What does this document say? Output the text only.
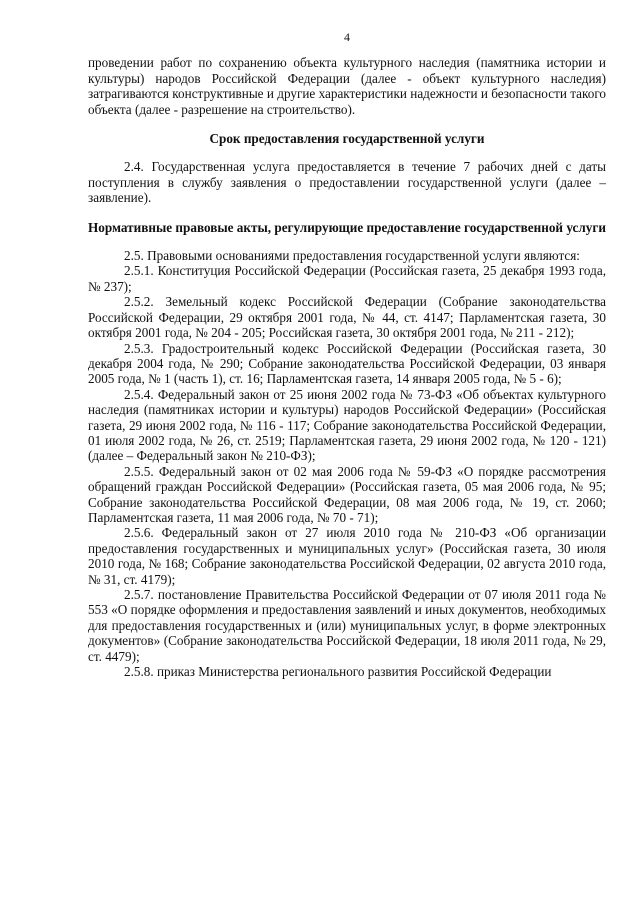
4

проведении работ по сохранению объекта культурного наследия (памятника истории и культуры) народов Российской Федерации (далее - объект культурного наследия) затрагиваются конструктивные и другие характеристики надежности и безопасности такого объекта (далее - разрешение на строительство).

Срок предоставления государственной услуги

2.4. Государственная услуга предоставляется в течение 7 рабочих дней с даты поступления в службу заявления о предоставлении государственной услуги (далее – заявление).

Нормативные правовые акты, регулирующие предоставление государственной услуги

2.5. Правовыми основаниями предоставления государственной услуги являются:

2.5.1. Конституция Российской Федерации (Российская газета, 25 декабря 1993 года, № 237);

2.5.2. Земельный кодекс Российской Федерации (Собрание законодательства Российской Федерации, 29 октября 2001 года, № 44, ст. 4147; Парламентская газета, 30 октября 2001 года, № 204 - 205; Российская газета, 30 октября 2001 года, № 211 - 212);

2.5.3. Градостроительный кодекс Российской Федерации (Российская газета, 30 декабря 2004 года, № 290; Собрание законодательства Российской Федерации, 03 января 2005 года, № 1 (часть 1), ст. 16; Парламентская газета, 14 января 2005 года, № 5 - 6);

2.5.4. Федеральный закон от 25 июня 2002 года № 73-ФЗ «Об объектах культурного наследия (памятниках истории и культуры) народов Российской Федерации» (Российская газета, 29 июня 2002 года, № 116 - 117; Собрание законодательства Российской Федерации, 01 июля 2002 года, № 26, ст. 2519; Парламентская газета, 29 июня 2002 года, № 120 - 121) (далее – Федеральный закон № 210-ФЗ);

2.5.5. Федеральный закон от 02 мая 2006 года № 59-ФЗ «О порядке рассмотрения обращений граждан Российской Федерации» (Российская газета, 05 мая 2006 года, № 95; Собрание законодательства Российской Федерации, 08 мая 2006 года, № 19, ст. 2060; Парламентская газета, 11 мая 2006 года, № 70 - 71);

2.5.6. Федеральный закон от 27 июля 2010 года № 210-ФЗ «Об организации предоставления государственных и муниципальных услуг» (Российская газета, 30 июля 2010 года, № 168; Собрание законодательства Российской Федерации, 02 августа 2010 года, № 31, ст. 4179);

2.5.7. постановление Правительства Российской Федерации от 07 июля 2011 года № 553 «О порядке оформления и предоставления заявлений и иных документов, необходимых для предоставления государственных и (или) муниципальных услуг, в форме электронных документов» (Собрание законодательства Российской Федерации, 18 июля 2011 года, № 29, ст. 4479);

2.5.8. приказ Министерства регионального развития Российской Федерации
